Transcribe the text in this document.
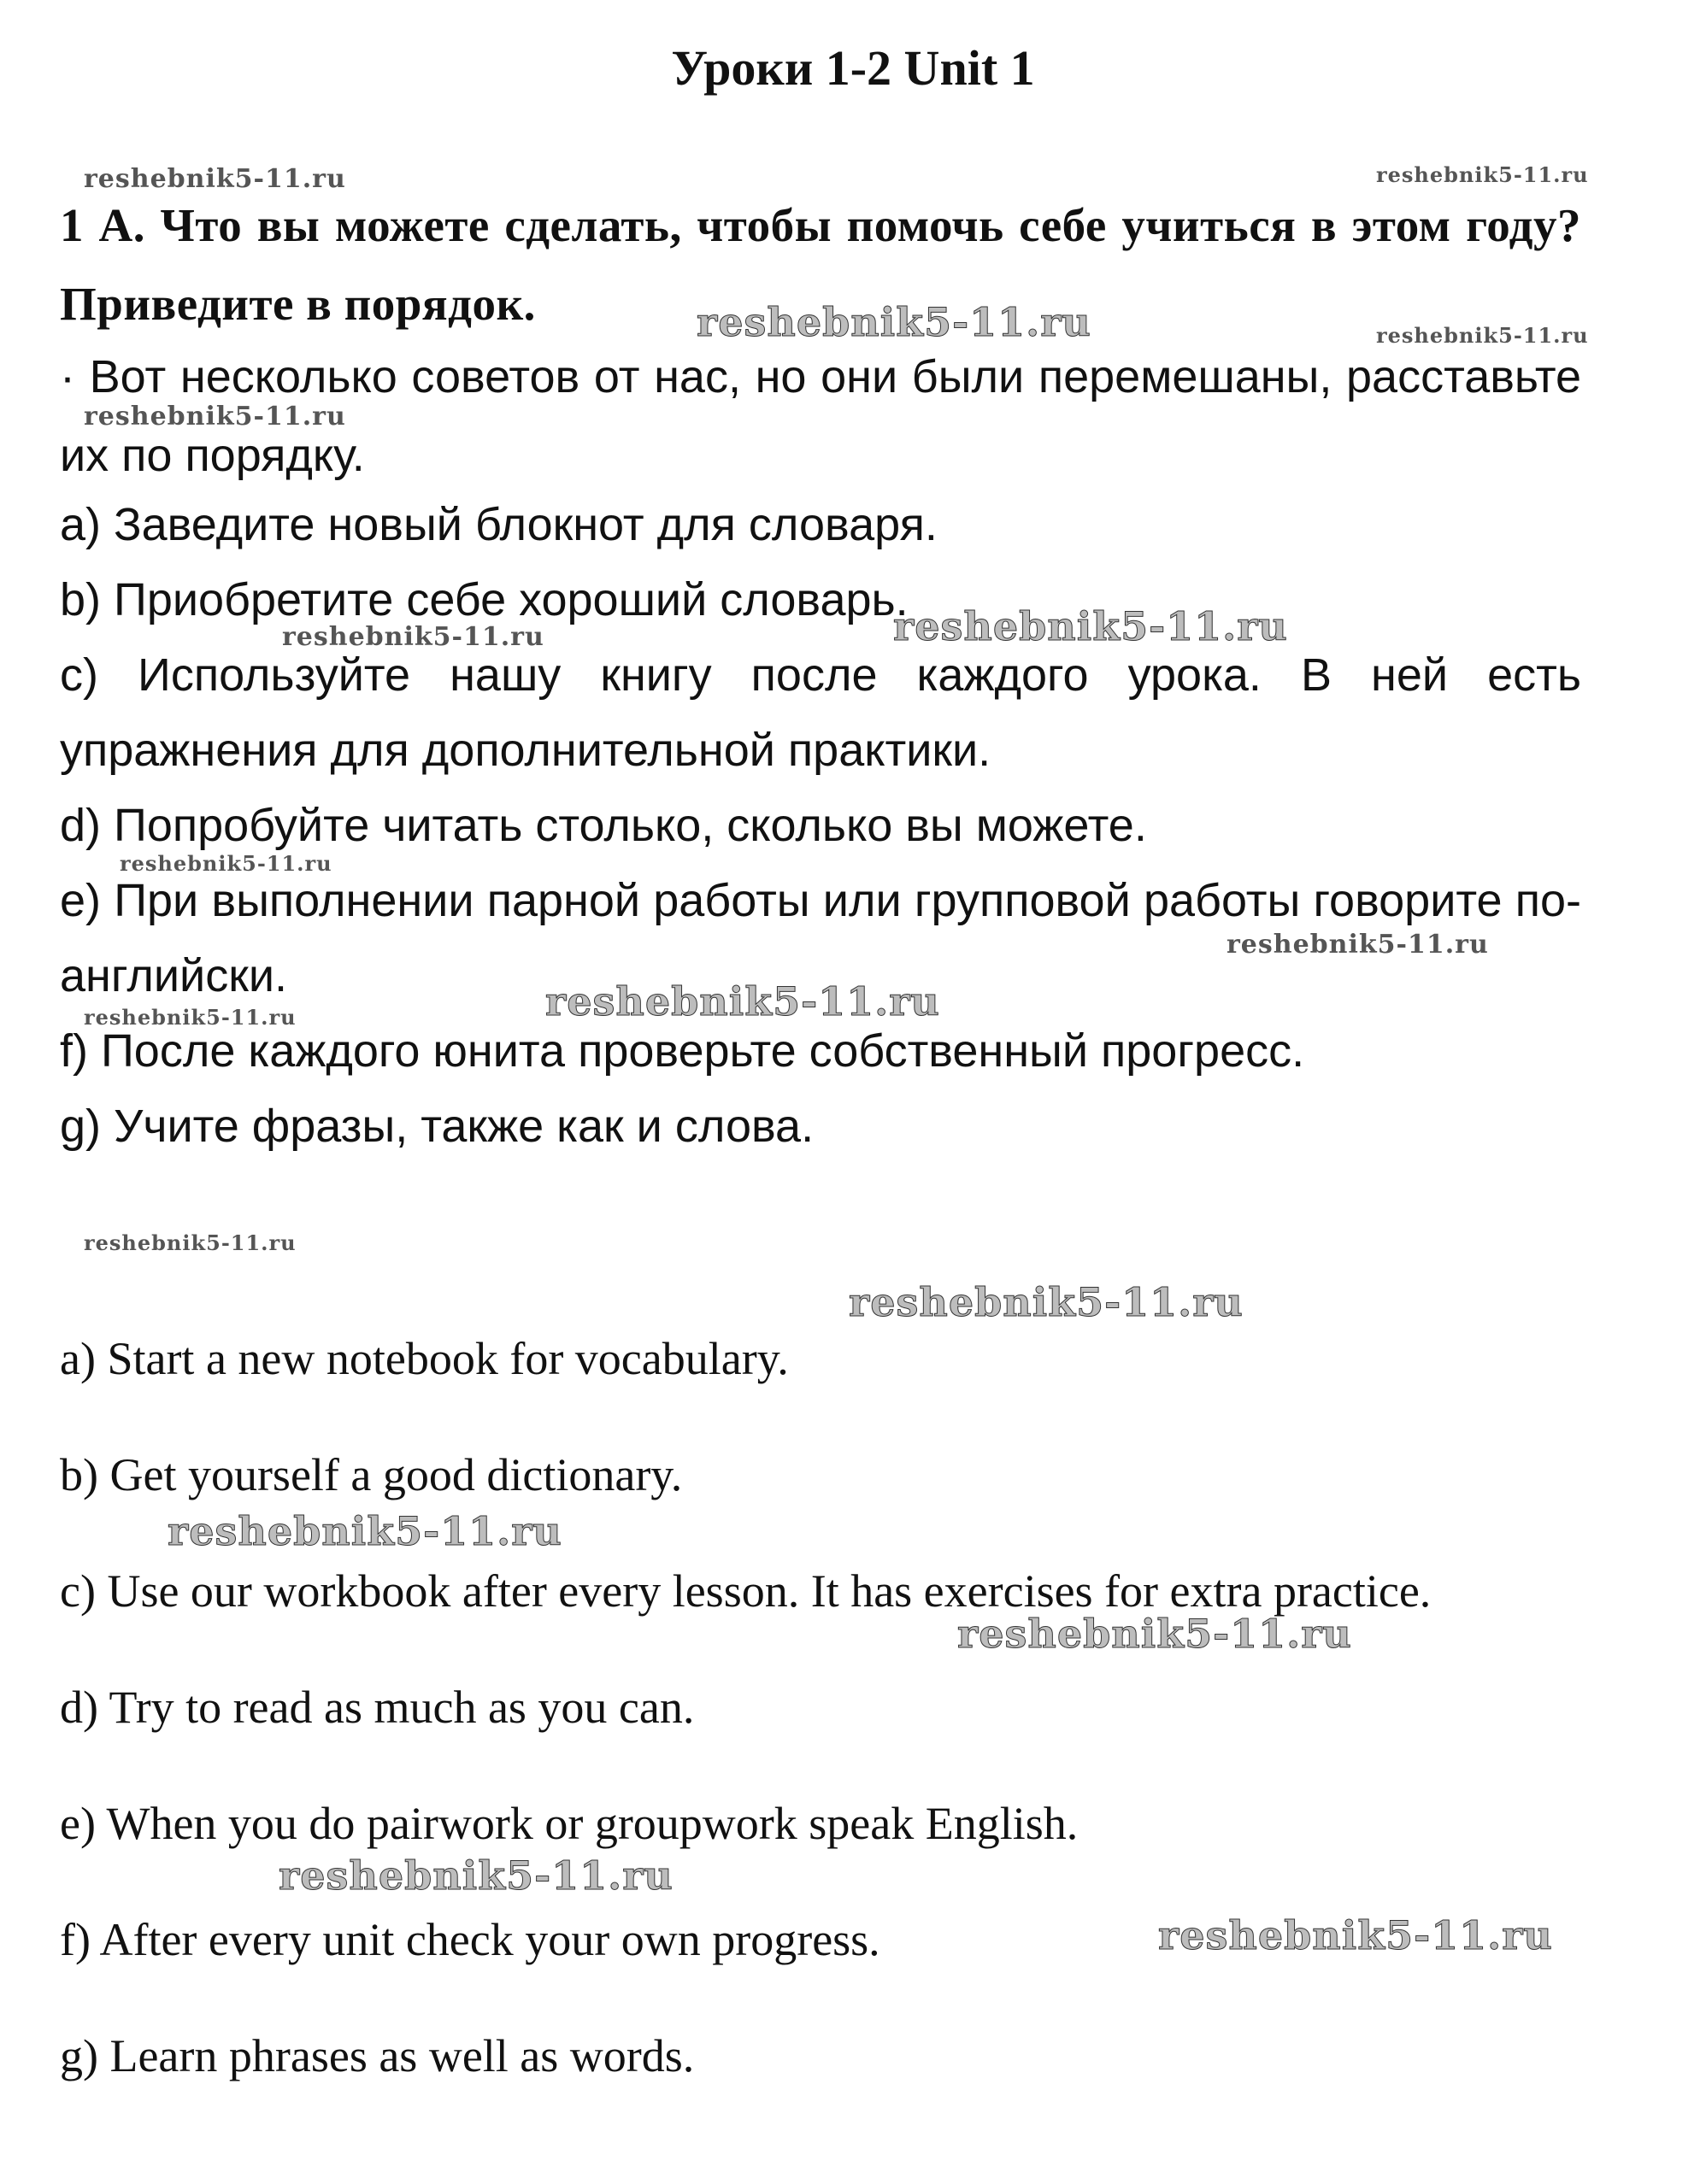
Уроки 1-2 Unit 1
1 А. Что вы можете сделать, чтобы помочь себе учиться в этом году? Приведите в порядок.
· Вот несколько советов от нас, но они были перемешаны, расставьте их по порядку.
а) Заведите новый блокнот для словаря.
b) Приобретите себе хороший словарь.
c) Используйте нашу книгу после каждого урока. В ней есть упражнения для дополнительной практики.
d) Попробуйте читать столько, сколько вы можете.
e) При выполнении парной работы или групповой работы говорите по-английски.
f) После каждого юнита проверьте собственный прогресс.
g) Учите фразы, также как и слова.
a) Start a new notebook for vocabulary.
b) Get yourself a good dictionary.
c) Use our workbook after every lesson. It has exercises for extra practice.
d) Try to read as much as you can.
e) When you do pairwork or groupwork speak English.
f) After every unit check your own progress.
g) Learn phrases as well as words.
reshebnik5-11.ru	reshebnik5-11.ru
reshebnik5-11.ru	reshebnik5-11.ru
reshebnik5-11.ru
reshebnik5-11.ru	reshebnik5-11.ru
reshebnik5-11.ru
reshebnik5-11.ru
reshebnik5-11.ru	reshebnik5-11.ru
reshebnik5-11.ru
reshebnik5-11.ru
reshebnik5-11.ru
reshebnik5-11.ru
reshebnik5-11.ru
reshebnik5-11.ru
